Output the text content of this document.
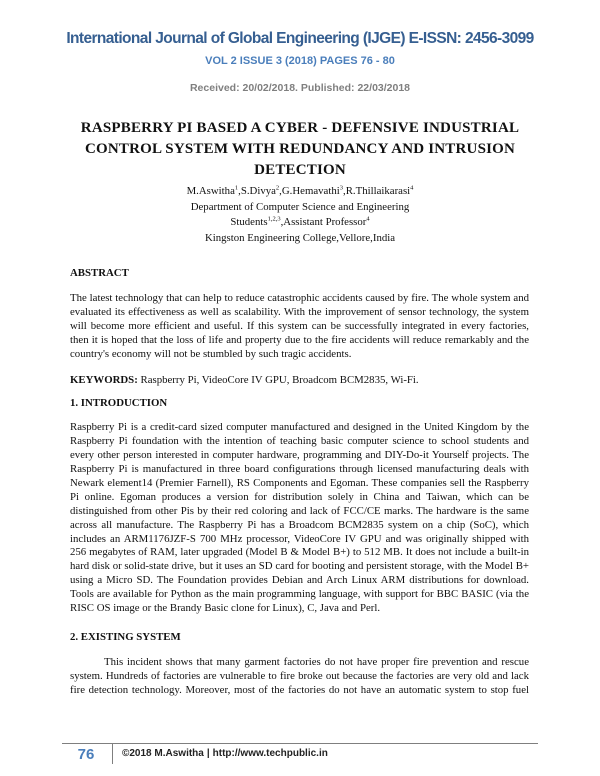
International Journal of Global Engineering (IJGE) E-ISSN: 2456-3099
VOL 2 ISSUE 3 (2018) PAGES 76 - 80
Received: 20/02/2018. Published: 22/03/2018
RASPBERRY PI BASED A CYBER - DEFENSIVE INDUSTRIAL
CONTROL SYSTEM WITH REDUNDANCY AND INTRUSION
DETECTION
M.Aswitha$^1$,S.Divya$^2$,G.Hemavathi$^3$,R.Thillaikarasi$^4$
Department of Computer Science and Engineering
Students$^{1,2,3}$,Assistant Professor$^4$
Kingston Engineering College,Vellore,India
ABSTRACT
The latest technology that can help to reduce catastrophic accidents caused by fire. The whole system and
evaluated its effectiveness as well as scalability. With the improvement of sensor technology, the system
will become more efficient and useful. If this system can be successfully integrated in every factories,
then it is hoped that the loss of life and property due to the fire accidents will reduce remarkably and the
country's economy will not be stumbled by such tragic accidents.
KEYWORDS: Raspberry Pi, VideoCore IV GPU, Broadcom BCM2835, Wi-Fi.
1. INTRODUCTION
Raspberry Pi is a credit-card sized computer manufactured and designed in the United Kingdom by the
Raspberry Pi foundation with the intention of teaching basic computer science to school students and
every other person interested in computer hardware, programming and DIY-Do-it Yourself projects. The
Raspberry Pi is manufactured in three board configurations through licensed manufacturing deals with
Newark element14 (Premier Farnell), RS Components and Egoman. These companies sell the Raspberry
Pi online. Egoman produces a version for distribution solely in China and Taiwan, which can be
distinguished from other Pis by their red coloring and lack of FCC/CE marks. The hardware is the same
across all manufacture. The Raspberry Pi has a Broadcom BCM2835 system on a chip (SoC), which
includes an ARM1176JZF-S 700 MHz processor, VideoCore IV GPU and was originally shipped with
256 megabytes of RAM, later upgraded (Model B & Model B+) to 512 MB. It does not include a built-in
hard disk or solid-state drive, but it uses an SD card for booting and persistent storage, with the Model B+
using a Micro SD. The Foundation provides Debian and Arch Linux ARM distributions for download.
Tools are available for Python as the main programming language, with support for BBC BASIC (via the
RISC OS image or the Brandy Basic clone for Linux), C, Java and Perl.
2. EXISTING SYSTEM
This incident shows that many garment factories do not have proper fire prevention and rescue
system. Hundreds of factories are vulnerable to fire broke out because the factories are very old and lack
fire detection technology. Moreover, most of the factories do not have an automatic system to stop fuel
76	©2018 M.Aswitha | http://www.techpublic.in
